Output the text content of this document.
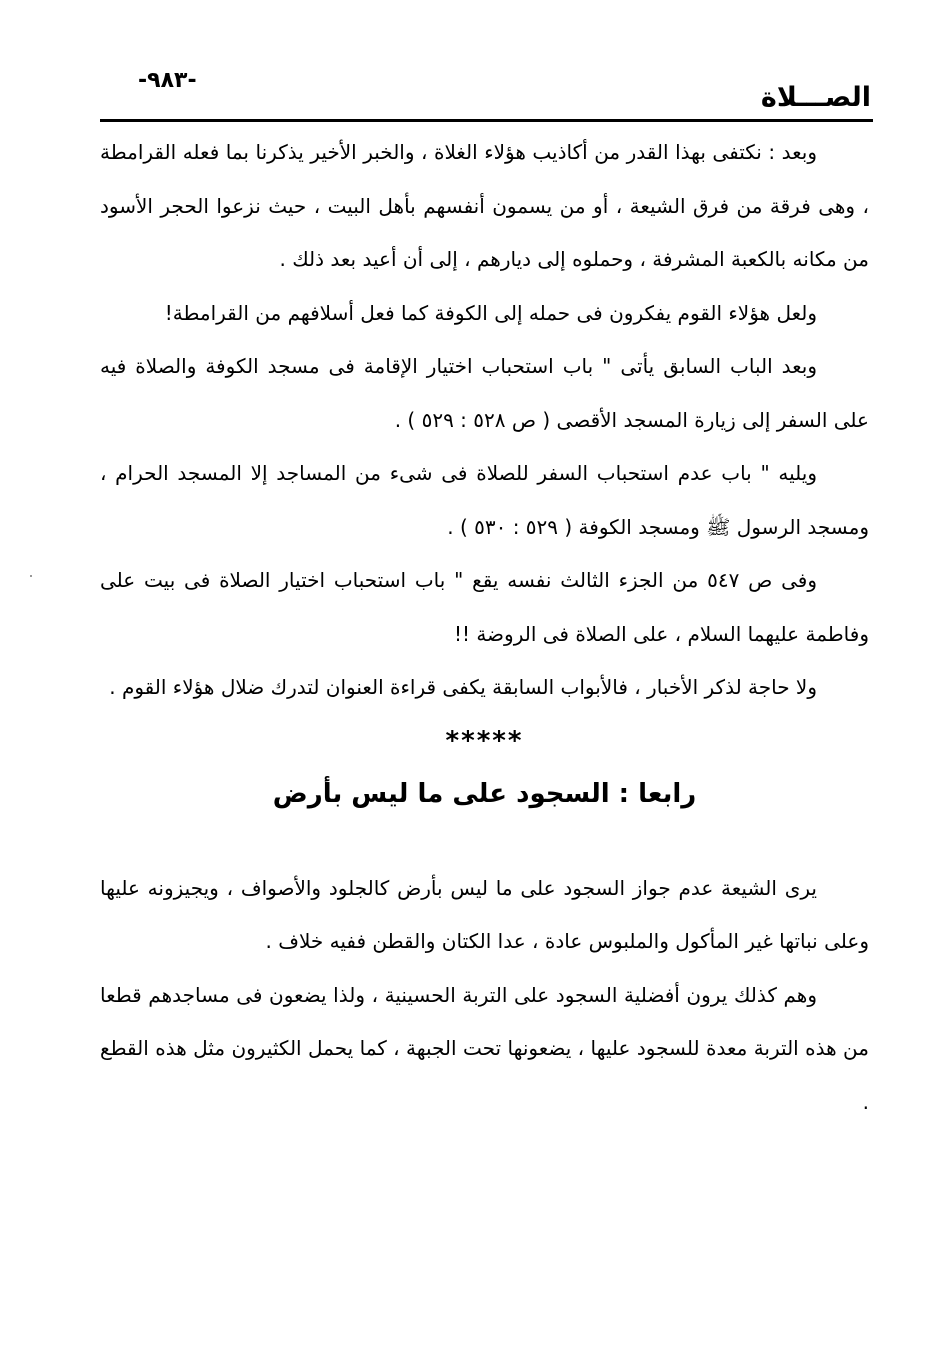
-٩٨٣-
الصـــلاة

وبعد : نكتفى بهذا القدر من أكاذيب هؤلاء الغلاة ، والخبر الأخير يذكرنا بما فعله القرامطة ، وهى فرقة من فرق الشيعة ، أو من يسمون أنفسهم بأهل البيت ، حيث نزعوا الحجر الأسود من مكانه بالكعبة المشرفة ، وحملوه إلى ديارهم ، إلى أن أعيد بعد ذلك .

ولعل هؤلاء القوم يفكرون فى حمله إلى الكوفة كما فعل أسلافهم من القرامطة!

وبعد الباب السابق يأتى " باب استحباب اختيار الإقامة فى مسجد الكوفة والصلاة فيه على السفر إلى زيارة المسجد الأقصى ( ص ٥٢٨ : ٥٢٩ ) .

ويليه " باب عدم استحباب السفر للصلاة فى شىء من المساجد إلا المسجد الحرام ، ومسجد الرسول ﷺ ومسجد الكوفة ( ٥٢٩ : ٥٣٠ ) .

وفى ص ٥٤٧ من الجزء الثالث نفسه يقع " باب استحباب اختيار الصلاة فى بيت على وفاطمة عليهما السلام ، على الصلاة فى الروضة !!

ولا حاجة لذكر الأخبار ، فالأبواب السابقة يكفى قراءة العنوان لتدرك ضلال هؤلاء القوم .

*****

رابعا : السجود على ما ليس بأرض

يرى الشيعة عدم جواز السجود على ما ليس بأرض كالجلود والأصواف ، ويجيزونه عليها وعلى نباتها غير المأكول والملبوس عادة ، عدا الكتان والقطن ففيه خلاف .

وهم كذلك يرون أفضلية السجود على التربة الحسينية ، ولذا يضعون فى مساجدهم قطعا من هذه التربة معدة للسجود عليها ، يضعونها تحت الجبهة ، كما يحمل الكثيرون مثل هذه القطع .
